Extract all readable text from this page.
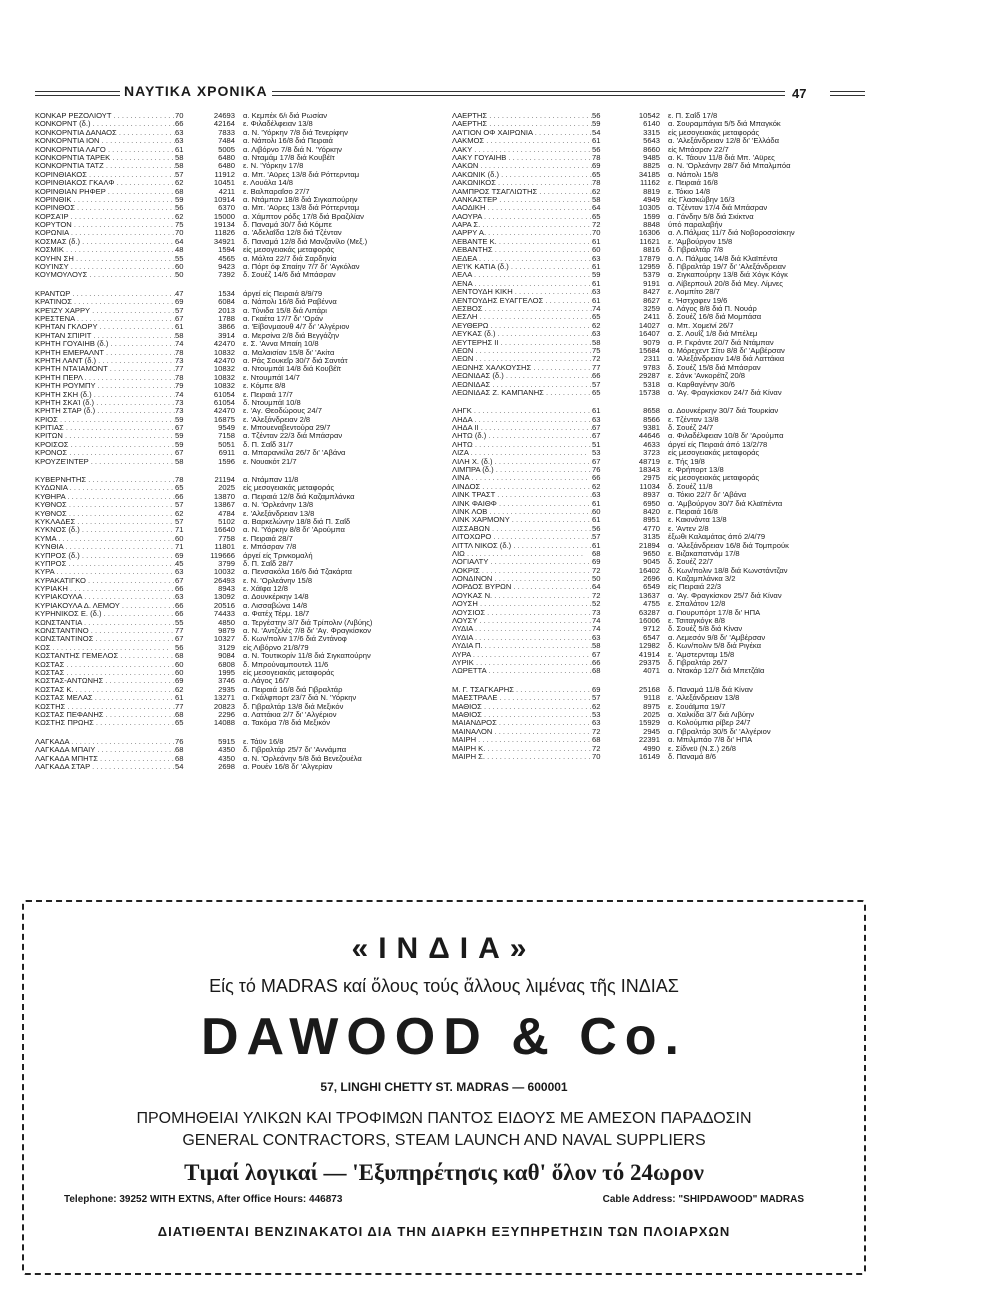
ΝΑΥΤΙΚΑ ΧΡΟΝΙΚΑ	47
ΚΟΝΚΑΡ ΡΕΖΟΛΙΟΥΤ . . .	70	24693	α. Κεμπέκ 6/ι διά Ρωσίαν
ΚΟΝΚΟΡΝΤ (δ.) . . .	66	42164	ε. Φιλαδέλφειαν 13/8
ΚΟΝΚΟΡΝΤΙΑ ΔΑΝΑΟΣ . . .	63	7833	α. Ν. 'Υόρκην 7/8 διά Τενερίφην
ΚΟΝΚΟΡΝΤΙΑ ΙΟΝ . . .	63	7484	α. Νάπολι 16/8 διά Πειραιά
ΚΟΝΚΟΡΝΤΙΑ ΛΑΓΟ . . .	61	5005	α. Λιβόρνο 7/8 διά Ν. 'Υόρκην
ΚΟΝΚΟΡΝΤΙΑ ΤΑΡΕΚ . . .	58	6480	α. Νταμάμ 17/8 διά Κουβέϊτ
ΚΟΝΚΟΡΝΤΙΑ ΤΑΤΖ . . .	58	6480	ε. Ν. 'Υόρκην 17/8
ΚΟΡΙΝΘΙΑΚΟΣ . . .	57	11912	α. Μπ. 'Αϋρες 13/8 διά Ρόττερνταμ
ΚΟΡΙΝΘΙΑΚΟΣ ΓΚΑΛΦ . . .	62	10451	ε. Λουάλα 14/8
ΚΟΡΙΝΘΙΑΝ ΡΗΦΕΡ . . .	68	4211	ε. Βαλπαραΐσο 27/7
ΚΟΡΙΝΘΙΚ . . .	59	10914	α. Ντάμπαν 18/8 διά Σιγκαπούρην
ΚΟΡΙΝΘΟΣ . . .	56	6370	α. Μπ. 'Αϋρες 13/8 διά Ρόττερνταμ
ΚΟΡΣΑΊΡ . . .	62	15000	α. Χάμπτον ρόδς 17/8 διά Βραζιλίαν
ΚΟΡΥΤΟΝ . . .	75	19134	δ. Παναμά 30/7 διά Κόμπε
ΚΟΡΩΝΙΑ . . .	70	11826	α. 'Αδελαΐδα 12/8 διά Τζένταν
ΚΟΣΜΑΣ (δ.) . . .	64	34921	δ. Παναμά 12/8 διά Μανζανίλο (Μεξ.)
ΚΟΣΜΙΚ . . .	48	1594	είς μεσογειακάς μεταφοράς
ΚΟΥΗΝ ΣΗ . . .	55	4565	α. Μάλτα 22/7 διά Σαρδηνία
ΚΟΥΊΝΣΥ . . .	60	9423	α. Πόρτ όφ Σπαίην 7/7 δι' 'Αγκόλαν
ΚΟΥΜΟΥΛΟΥΣ . . .	50	7392	δ. Σουέζ 14/6 διά Μπάσραν
ΚΡΑΝΤΩΡ . . .	47	1534	άργεί είς Πειραιά 8/9/79
ΚΡΑΤΙΝΟΣ . . .	69	6084	α. Νάπολι 16/8 διά Ραβέννα
ΚΡΕΊΖΥ ΧΑΡΡΥ . . .	57	2013	α. Τύνιδα 15/8 διά Λιπάρι
ΚΡΕΣΤΕΝΑ . . .	67	1788	α. Γκαέτα 17/7 δι' 'Οράν
ΚΡΗΤΑΝ ΓΚΛΟΡΥ . . .	61	3866	α. 'Είβονμαουθ 4/7 δι' 'Αλγέριον
ΚΡΗΤΑΝ ΣΠΙΡΙΤ . . .	58	3914	α. Μερσίνα 2/8 διά Βεγγάζην
ΚΡΗΤΗ ΓΟΥΑΙΗΒ (δ.) . . .	74	42470	ε. Σ. 'Αννα Μπαίη 10/8
ΚΡΗΤΗ ΕΜΕΡΑΛΝΤ . . .	78	10832	α. Μαλαισίαν 15/8 δι' 'Ακίτα
ΚΡΗΤΗ ΛΑΝΤ (δ.) . . .	73	42470	α. Ράς Σουκεΐρ 30/7 διά Σαντάτ
ΚΡΗΤΗ ΝΤΑΊΑΜΟΝΤ . . .	77	10832	α. Ντουμπάϊ 14/8 διά Κουβέϊτ
ΚΡΗΤΗ ΠΕΡΛ . . .	78	10832	ε. Ντουμπάϊ 14/7
ΚΡΗΤΗ ΡΟΥΜΠΥ . . .	79	10832	ε. Κόμπε 8/8
ΚΡΗΤΗ ΣΚΗ (δ.) . . .	74	61054	ε. Πειραιά 17/7
ΚΡΗΤΗ ΣΚΑΊ (δ.) . . .	73	61054	δ. Ντουμπάϊ 10/8
ΚΡΗΤΗ ΣΤΑΡ (δ.) . . .	73	42470	ε. 'Αγ. Θεοδώρους 24/7
ΚΡΙΟΣ . . .	59	16875	ε. 'Αλεξάνδρειαν 2/8
ΚΡΙΤΙΑΣ . . .	67	9549	ε. Μπουεναβεντούρα 29/7
ΚΡΙΤΩΝ . . .	59	7158	α. Τζένταν 22/3 διά Μπάσραν
ΚΡΟΙΣΟΣ . . .	59	5051	δ. Π. Σαΐδ 31/7
ΚΡΟΝΟΣ . . .	67	6911	α. Μπαρανκίλα 26/7 δι' 'Αβάνα
ΚΡΟΥΖΕΊΝΤΕΡ . . .	58	1596	ε. Νουακότ 21/7
ΚΥΒΕΡΝΗΤΗΣ . . .	78	21194	α. Ντάμπαν 11/8
ΚΥΔΩΝΙΑ . . .	65	2025	είς μεσογειακάς μεταφοράς
ΚΥΘΗΡΑ . . .	66	13870	α. Πειραιά 12/8 διά Καζαμπλάνκα
ΚΥΘΝΟΣ . . .	57	13867	α. Ν. 'Ορλεάνην 13/8
ΚΥΘΝΟΣ . . .	62	4784	ε. 'Αλεξάνδρειαν 13/8
ΚΥΚΛΑΔΕΣ . . .	57	5102	α. Βαρκελώνην 18/8 διά Π. Σαΐδ
ΚΥΚΝΟΣ (δ.) . . .	71	16640	α. Ν. 'Υόρκην 8/8 δι' 'Αρούμπα
ΚΥΜΑ . . .	60	7758	ε. Πειραιά 28/7
ΚΥΝΘΙΑ . . .	71	11801	ε. Μπάσραν 7/8
ΚΥΠΡΟΣ (δ.) . . .	69	119666	άργεί είς Τρινκομαλή
ΚΥΠΡΟΣ . . .	45	3799	δ. Π. Σαΐδ 28/7
ΚΥΡΑ . . .	63	10032	α. Πενσακόλα 16/6 διά Τζακάρτα
ΚΥΡΑΚΑΤΙΓΚΟ . . .	67	26493	ε. Ν. 'Ορλεάνην 15/8
ΚΥΡΙΑΚΗ . . .	66	8943	ε. Χάϊφα 12/8
ΚΥΡΙΑΚΟΥΛΑ . . .	63	13092	α. Δουνκέρκην 14/8
ΚΥΡΙΑΚΟΥΛΑ Δ. ΛΕΜΟΥ . . .	66	20516	α. Λισσαβώνα 14/8
ΚΥΡΗΝΙΚΟΣ Ε. (δ.) . . .	66	74433	α. Φατέχ Τέρμ. 18/7
ΚΩΝΣΤΑΝΤΙΑ . . .	55	4850	α. Τεργέστην 3/7 διά Τρίπολιν (Λιβύης)
ΚΩΝΣΤΑΝΤΙΝΟ . . .	77	9879	α. Ν. 'Αντζελές 7/8 δι' 'Αγ. Φραγκίσκον
ΚΩΝΣΤΑΝΤΙΝΟΣ . . .	67	10327	δ. Κων/πολιν 17/6 διά Ζντάνοφ
ΚΩΣ . . .	56	3129	είς Λιβόρνο 21/8/79
ΚΩΣΤΑΝΤΗΣ ΓΕΜΕΛΟΣ . . .	68	9084	α. Ν. Τουτικορίν 11/8 διά Σιγκαπούρην
ΚΩΣΤΑΣ . . .	60	6808	δ. Μπρούναμπουτελ 11/6
ΚΩΣΤΑΣ . . .	60	1995	είς μεσογειακάς μεταφοράς
ΚΩΣΤΑΣ-ΑΝΤΩΝΗΣ . . .	69	3746	α. Λάγος 16/7
ΚΩΣΤΑΣ Κ. . . .	62	2935	α. Πειραιά 16/8 διά Γιβραλτάρ
ΚΩΣΤΑΣ ΜΕΛΑΣ . . .	61	13271	α. Γκάλφπορτ 23/7 διά Ν. 'Υόρκην
ΚΩΣΤΗΣ . . .	77	20823	δ. Γιβραλτάρ 13/8 διά Μεξικόν
ΚΩΣΤΑΣ ΠΕΦΑΝΗΣ . . .	68	2296	α. Λαττάκια 2/7 δι' 'Αλγέριον
ΚΩΣΤΗΣ ΠΡΩΗΣ . . .	65	14088	α. Τακόμα 7/8 διά Μεξικόν
ΛΑΓΚΑΔΑ . . .	76	5915	ε. Τάϋν 16/8
ΛΑΓΚΑΔΑ ΜΠΑΙΥ . . .	68	4350	δ. Γιβραλτάρ 25/7 δι' 'Αννάμπα
ΛΑΓΚΑΔΑ ΜΠΗΤΣ . . .	68	4350	α. Ν. 'Ορλεάνην 5/8 διά Βενεζουέλα
ΛΑΓΚΑΔΑ ΣΤΑΡ . . .	54	2698	α. Ρουέν 16/8 δι' 'Αλγερίαν
ΛΑΕΡΤΗΣ . . .	56	10542	ε. Π. Σαΐδ 17/8
ΛΑΕΡΤΗΣ . . .	59	6140	α. Σουραμπάγια 5/5 διά Μπαγκόκ
ΛΑ'ΓΙΟΝ ΟΦ ΧΑΙΡΩΝΙΑ . . .	54	3315	είς μεσογειακάς μεταφοράς
ΛΑΚΜΟΣ . . .	61	5643	α. 'Αλεξάνδρειαν 12/8 δι' 'Ελλάδα
ΛΑΚΥ . . .	56	8660	είς Μπάσραν 22/7
ΛΑΚΥ ΓΟΥΑΙΗΒ . . .	78	9485	α. Κ. Τάουν 11/8 διά Μπ. 'Αϋρες
ΛΑΚΩΝ . . .	69	8825	α. Ν. 'Ορλεάνην 28/7 διά Μπαλμπόα
ΛΑΚΩΝΙΚ (δ.) . . .	65	34185	α. Νάπολι 15/8
ΛΑΚΩΝΙΚΟΣ . . .	78	11162	ε. Πειραιά 16/8
ΛΑΜΠΡΟΣ ΤΣΑΓΛΙΩΤΗΣ . . .	62	8819	ε. Τόκιο 14/8
ΛΑΝΚΑΣΤΕΡ . . .	58	4949	είς Γλασκώβην 16/3
ΛΑΟΔΙΚΗ . . .	64	10305	α. Τζένταν 17/4 διά Μπάσραν
ΛΑΟΥΡΑ . . .	65	1599	α. Γάνδην 5/8 διά Σκίκτνα
ΛΑΡΑ Σ. . . .	72	8848	ύπό παραλαβήν
ΛΑΡΡΥ Α. . . .	70	16306	α. Λ.Πάλμας 11/7 διά Νοβοροσσίσκην
ΛΕΒΑΝΤΕ Κ. . . .	61	11621	ε. 'Αμβούργον 15/8
ΛΕΒΑΝΤΗΣ . . .	60	8816	δ. Γιβραλτάρ 7/8
ΛΕΔΕΑ . . .	63	17879	α. Λ. Πάλμας 14/8 διά Κλαϊπέντα
ΛΕ'Ι'Κ ΚΑΤΙΑ (δ.) . . .	61	12959	δ. Γιβραλτάρ 19/7 δι' 'Αλεξάνδρειαν
ΛΕΛΑ . . .	59	5379	α. Σιγκαπούρην 13/8 διά Χόγκ Κόγκ
ΛΕΝΑ . . .	61	9191	α. Λίβερπουλ 20/8 διά Μεγ. Λίμνες
ΛΕΝΤΟΥΔΗ ΚΙΚΗ . . .	63	8427	ε. Λομπίτο 28/7
ΛΕΝΤΟΥΔΗΣ ΕΥΑΓΓΕΛΟΣ . . .	61	8627	ε. 'Ηστχαφεν 19/6
ΛΕΣΒΟΣ . . .	74	3259	α. Λάγος 8/8 διά Π. Νουάρ
ΛΕΣΛΗ . . .	65	2411	δ. Σουέζ 16/8 διά Μομπάσα
ΛΕΥΘΕΡΩ . . .	62	14027	α. Μπ. Χομεϊνί 26/7
ΛΕΥΚΑΣ (δ.) . . .	63	16407	α. Σ. Λουΐζ 1/8 διά Μπέλεμ
ΛΕΥΤΕΡΗΣ ΙΙ . . .	58	9079	α. Ρ. Γκράντε 20/7 διά Ντάμπαν
ΛΕΩΝ . . .	75	15684	α. Μόρεχεντ Σίτυ 8/8 δι' 'Αμβέρσαν
ΛΕΩΝ . . .	72	2311	α. 'Αλεξάνδρειαν 14/8 διά Λαττάκια
ΛΕΩΝΗΣ ΧΑΛΚΟΥΣΗΣ . . .	77	9783	δ. Σουέζ 15/8 διά Μπάσραν
ΛΕΩΝΙΔΑΣ (δ.) . . .	66	29287	ε. Σάνκ 'Ανκορέϊτζ 20/8
ΛΕΩΝΙΔΑΣ . . .	57	5318	α. Καρθαγένην 30/6
ΛΕΩΝΙΔΑΣ Ζ. ΚΑΜΠΑΝΗΣ . . .	65	15738	α. 'Αγ. Φραγκίσκον 24/7 διά Κίναν
ΛΗΓΚ . . .	61	8658	α. Δουνκέρκην 30/7 διά Τουρκίαν
ΛΗΔΑ . . .	63	8566	ε. Τζένταν 13/8
ΛΗΔΑ ΙΙ . . .	67	9381	δ. Σουέζ 24/7
ΛΗΤΩ (δ.) . . .	67	44646	α. Φιλαδέλφειαν 10/8 δι' 'Αρούμπα
ΛΗΤΩ . . .	51	4633	άργεί είς Πειραιά άπό 13/2/78
ΛΙΖΑ . . .	53	3723	είς μεσογειακάς μεταφοράς
ΛΙΛΗ Χ. (δ.) . . .	67	48719	ε. Τής 19/8
ΛΙΜΠΡΑ (δ.) . . .	76	18343	ε. Φρήπορτ 13/8
ΛΙΝΑ . . .	66	2975	είς μεσογειακάς μεταφοράς
ΛΙΝΔΟΣ . . .	62	11034	δ. Σουέζ 11/8
ΛΙΝΚ ΤΡΑΣΤ . . .	63	8937	α. Τόκιο 22/7 δι' 'Αβάνα
ΛΙΝΚ ΦΑΙΘΦ . . .	61	6950	α. 'Αμβούργον 30/7 διά Κλαϊπέντα
ΛΙΝΚ ΛΟΒ . . .	60	8420	ε. Πειραιά 16/8
ΛΙΝΚ ΧΑΡΜΟΝΥ . . .	61	8951	ε. Κακινάντα 13/8
ΛΙΣΣΑΒΩΝ . . .	56	4770	ε. 'Αντεν 2/8
ΛΙΤΟΧΩΡΟ . . .	57	3135	έξωθι Καλαμάτας άπό 2/4/79
ΛΙΤΤΛ ΝΙΚΟΣ (δ.) . . .	61	21894	α. 'Αλεξάνδρειαν 16/8 διά Τομπρούκ
ΛΙΩ . . .	68	9650	ε. Βιζακαπατνάμ 17/8
ΛΟΓΙΑΛΤΥ . . .	69	9045	δ. Σουέζ 22/7
ΛΟΚΡΙΣ . . .	72	16402	δ. Κων/πολιν 18/8 διά Κωνστάντζαν
ΛΟΝΔΙΝΟΝ . . .	50	2696	α. Καζαμπλάνκα 3/2
ΛΟΡΔΟΣ ΒΥΡΩΝ . . .	64	6549	είς Πειραιά 22/3
ΛΟΥΚΑΣ Ν. . . .	72	13637	α. 'Αγ. Φραγκίσκον 25/7 διά Κίναν
ΛΟΥΣΗ . . .	52	4755	ε. Σπαλάτον 12/8
ΛΟΥΣΙΟΣ . . .	73	63287	α. Γιουρυπόρτ 17/8 δι' ΗΠΑ
ΛΟΥΣΥ . . .	74	16006	ε. Τσιταγκόγκ 8/8
ΛΥΔΙΑ . . .	74	9712	δ. Σουέζ 5/8 διά Κίναν
ΛΥΔΙΑ . . .	63	6547	α. Λεμεσόν 9/8 δι' 'Αμβέρσαν
ΛΥΔΙΑ Π. . . .	58	12982	δ. Κων/πολιν 5/8 διά Ριγέκα
ΛΥΡΑ . . .	67	41914	ε. 'Αμστερνταμ 15/8
ΛΥΡΙΚ . . .	66	29375	δ. Γιβραλτάρ 26/7
ΛΩΡΕΤΤΑ . . .	68	4071	α. Ντακάρ 12/7 διά Μπετζάϊα
Μ. Γ. ΤΣΑΓΚΑΡΗΣ . . .	69	25168	δ. Παναμά 11/8 διά Κίναν
ΜΑΕΣΤΡΑΛΕ . . .	57	9118	ε. 'Αλεξάνδρειαν 13/8
ΜΑΘΙΟΣ . . .	62	8975	ε. Σουάϊμπα 19/7
ΜΑΘΙΟΣ . . .	53	2025	α. Χαλκίδα 3/7 διά Λιβύην
ΜΑΙΑΝΔΡΟΣ . . .	63	15929	α. Κολούμπια ρίβερ 24/7
ΜΑΙΝΑΛΟΝ . . .	72	2945	α. Γιβραλτάρ 30/5 δι' 'Αλγέριον
ΜΑΙΡΗ . . .	68	22391	α. Μπιλμπάο 7/8 δι' ΗΠΑ
ΜΑΙΡΗ Κ. . . .	72	4990	ε. Σίδνεϋ (Ν.Σ.) 26/8
ΜΑΙΡΗ Σ. . . .	70	16149	δ. Παναμά 8/6
«ΙΝΔΙΑ»
Είς τό MADRAS καί ὅλους τούς ἄλλους λιμένας τῆς ΙΝΔΙΑΣ
DAWOOD & Co.
57, LINGHI CHETTY ST. MADRAS — 600001
ΠΡΟΜΗΘΕΙΑΙ ΥΛΙΚΩΝ ΚΑΙ ΤΡΟΦΙΜΩΝ ΠΑΝΤΟΣ ΕΙΔΟΥΣ ΜΕ ΑΜΕΣΟΝ ΠΑΡΑΔΟΣΙΝ
GENERAL CONTRACTORS, STEAM LAUNCH AND NAVAL SUPPLIERS
Τιμαί λογικαί — 'Εξυπηρέτησις καθ' ὅλον τό 24ωρον
Telephone: 39252 WITH EXTNS, After Office Hours: 446873	Cable Address: "SHIPDAWOOD" MADRAS
ΔΙΑΤΙΘΕΝΤΑΙ ΒΕΝΖΙΝΑΚΑΤΟΙ ΔΙΑ ΤΗΝ ΔΙΑΡΚΗ ΕΞΥΠΗΡΕΤΗΣΙΝ ΤΩΝ ΠΛΟΙΑΡΧΩΝ
